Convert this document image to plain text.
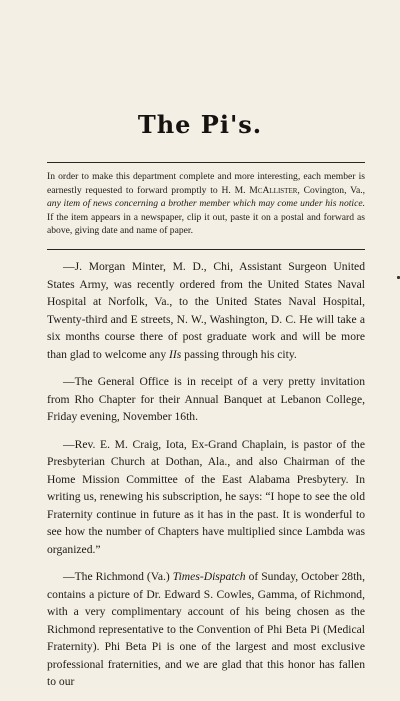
The Pi's.
In order to make this department complete and more interesting, each member is earnestly requested to forward promptly to H. M. McAllister, Covington, Va., any item of news concerning a brother member which may come under his notice. If the item appears in a newspaper, clip it out, paste it on a postal and forward as above, giving date and name of paper.

—J. Morgan Minter, M. D., Chi, Assistant Surgeon United States Army, was recently ordered from the United States Naval Hospital at Norfolk, Va., to the United States Naval Hospital, Twenty-third and E streets, N. W., Washington, D. C. He will take a six months course there of post graduate work and will be more than glad to welcome any IIs passing through his city.

—The General Office is in receipt of a very pretty invitation from Rho Chapter for their Annual Banquet at Lebanon College, Friday evening, November 16th.

—Rev. E. M. Craig, Iota, Ex-Grand Chaplain, is pastor of the Presbyterian Church at Dothan, Ala., and also Chairman of the Home Mission Committee of the East Alabama Presbytery. In writing us, renewing his subscription, he says: “I hope to see the old Fraternity continue in future as it has in the past. It is wonderful to see how the number of Chapters have multiplied since Lambda was organized.”

—The Richmond (Va.) Times-Dispatch of Sunday, October 28th, contains a picture of Dr. Edward S. Cowles, Gamma, of Richmond, with a very complimentary account of his being chosen as the Richmond representative to the Convention of Phi Beta Pi (Medical Fraternity). Phi Beta Pi is one of the largest and most exclusive professional fraternities, and we are glad that this honor has fallen to our
